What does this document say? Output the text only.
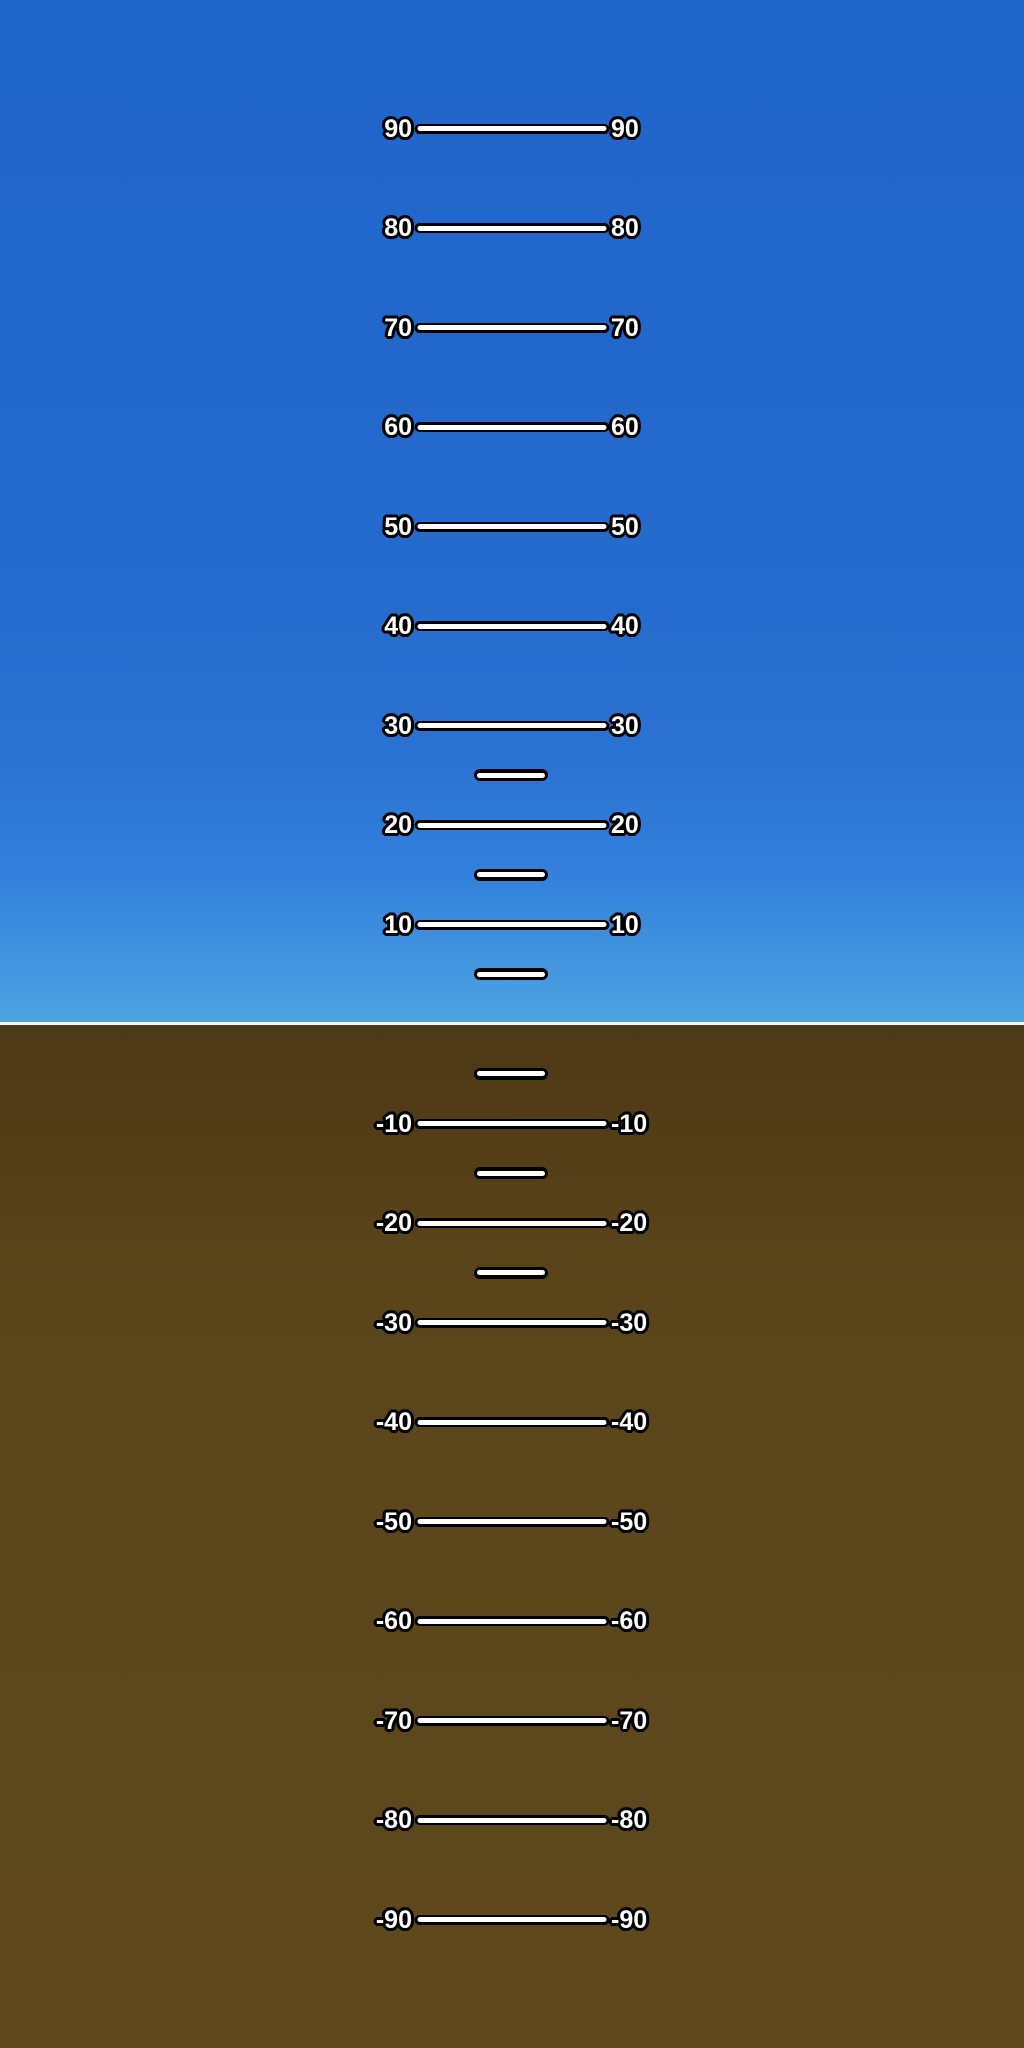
90	90
80	80
70	70
60	60
50	50
40	40
30	30
20	20
10	10
-10	-10
-20	-20
-30	-30
-40	-40
-50	-50
-60	-60
-70	-70
-80	-80
-90	-90
